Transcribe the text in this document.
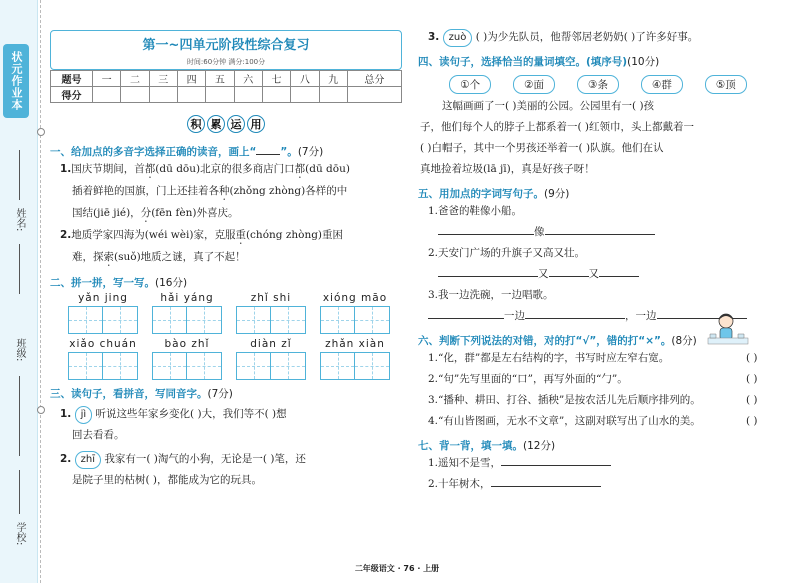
状元作业本
姓名:
班级:
学校:
第一~四单元阶段性综合复习
时间:60分钟 满分:100分
题号	一	二	三	四	五	六	七	八	九	总分
得分										
积 累 运 用
一、给加点的多音字选择正确的读音，画上“ ”。(7分)
1.国庆节期间，首都(dū dōu)北京的很多商店门口都(dū dōu)
插着鲜艳的国旗，门上还挂着各种(zhǒng zhòng)各样的中
国结(jiē jié)，分(fēn fèn)外喜庆。
2.地质学家四海为(wéi wèi)家，克服重(chóng zhòng)重困
难，探索(suǒ)地质之谜，真了不起！
二、拼一拼，写一写。(16分)
yǎn jing	hǎi yáng	zhǐ shi	xióng māo
xiǎo chuán	bào zhǐ	diàn zǐ	zhǎn xiàn
三、读句子，看拼音，写同音字。(7分)
1. jì 听说这些年家乡变化( )大，我们等不( )想
回去看看。
2. zhī 我家有一( )淘气的小狗，无论是一( )笔，还
是院子里的枯树( )，都能成为它的玩具。
3. zuò ( )为少先队员，他帮邻居老奶奶( )了许多好事。
四、读句子，选择恰当的量词填空。(填序号)(10分)
①个	②面	③条	④群	⑤顶
这幅画画了一( )美丽的公园。公园里有一( )孩
子，他们每个人的脖子上都系着一( )红领巾，头上都戴着一
( )白帽子，其中一个男孩还举着一( )队旗。他们在认
真地捡着垃圾(lā jī)，真是好孩子呀！
五、用加点的字词写句子。(9分)
1.爸爸的鞋像小船。
像
2.天安门广场的升旗子又高又壮。
又	又
3.我一边洗碗，一边唱歌。
一边	，一边
六、判断下列说法的对错，对的打“√”，错的打“×”。(8分)
1.“化，群”都是左右结构的字，书写时应左窄右宽。	( )
2.“句”先写里面的“口”，再写外面的“勹”。	( )
3.“播种、耕田、打谷、插秧”是按农活儿先后顺序排列的。	( )
4.“有山皆图画，无水不文章”，这副对联写出了山水的美。	( )
七、背一背，填一填。(12分)
1.遥知不是雪，
2.十年树木，
二年级语文 · 76 · 上册
